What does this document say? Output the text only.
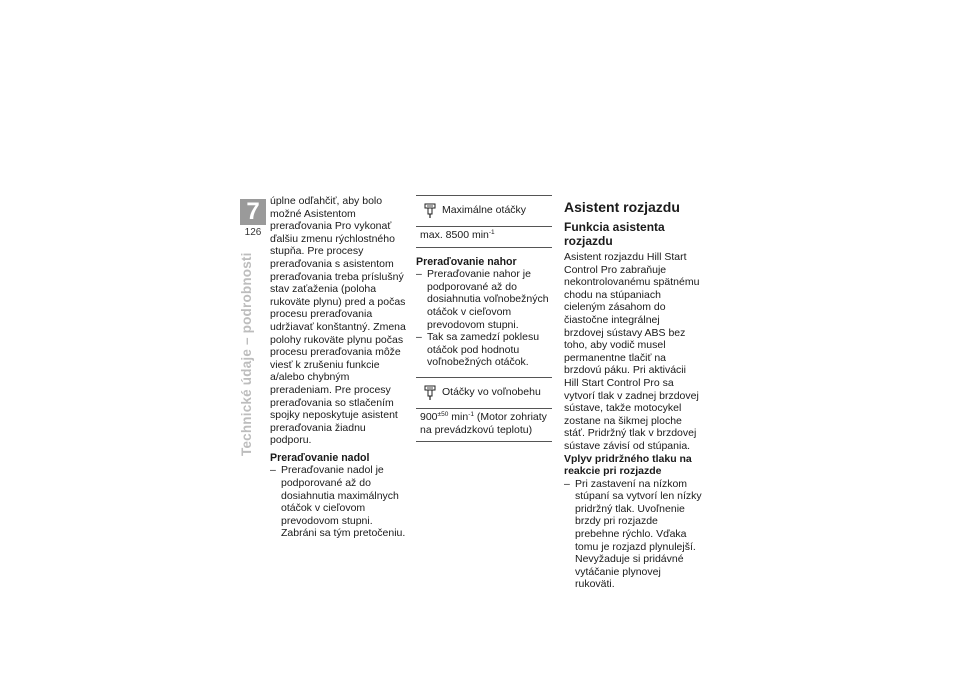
7
126
Technické údaje – podrobnosti

úplne odľahčiť, aby bolo možné Asistentom preraďovania Pro vykonať ďalšiu zmenu rýchlostného stupňa. Pre procesy preraďovania s asistentom preraďovania treba príslušný stav zaťaženia (poloha rukoväte plynu) pred a počas procesu preraďovania udržiavať konštantný. Zmena polohy rukoväte plynu počas procesu preraďovania môže viesť k zrušeniu funkcie a/alebo chybným preradeniam. Pre procesy preraďovania so stlačením spojky neposkytuje asistent preraďovania žiadnu podporu.

Preraďovanie nadol
– Preraďovanie nadol je podporované až do dosiahnutia maximálnych otáčok v cieľovom prevodovom stupni. Zabráni sa tým pretočeniu.
Maximálne otáčky
max. 8500 $\min^{-1}$
Preraďovanie nahor
– Preraďovanie nahor je podporované až do dosiahnutia voľnobežných otáčok v cieľovom prevodovom stupni.
– Tak sa zamedzí poklesu otáčok pod hodnotu voľnobežných otáčok.
Otáčky vo voľnobehu
$900^{\pm 50}$ $\min^{-1}$ (Motor zohriaty na prevádzkovú teplotu)
Asistent rozjazdu
Funkcia asistenta rozjazdu

Asistent rozjazdu Hill Start Control Pro zabraňuje nekontrolovanému spätnému chodu na stúpaniach cieleným zásahom do čiastočne integrálnej brzdovej sústavy ABS bez toho, aby vodič musel permanentne tlačiť na brzdovú páku. Pri aktivácii Hill Start Control Pro sa vytvorí tlak v zadnej brzdovej sústave, takže motocykel zostane na šikmej ploche stáť. Pridržný tlak v brzdovej sústave závisí od stúpania.

Vplyv pridržného tlaku na reakcie pri rozjazde
– Pri zastavení na nízkom stúpaní sa vytvorí len nízky pridržný tlak. Uvoľnenie brzdy pri rozjazde prebehne rýchlo. Vďaka tomu je rozjazd plynulejší. Nevyžaduje si pridávné vytáčanie plynovej rukoväti.
